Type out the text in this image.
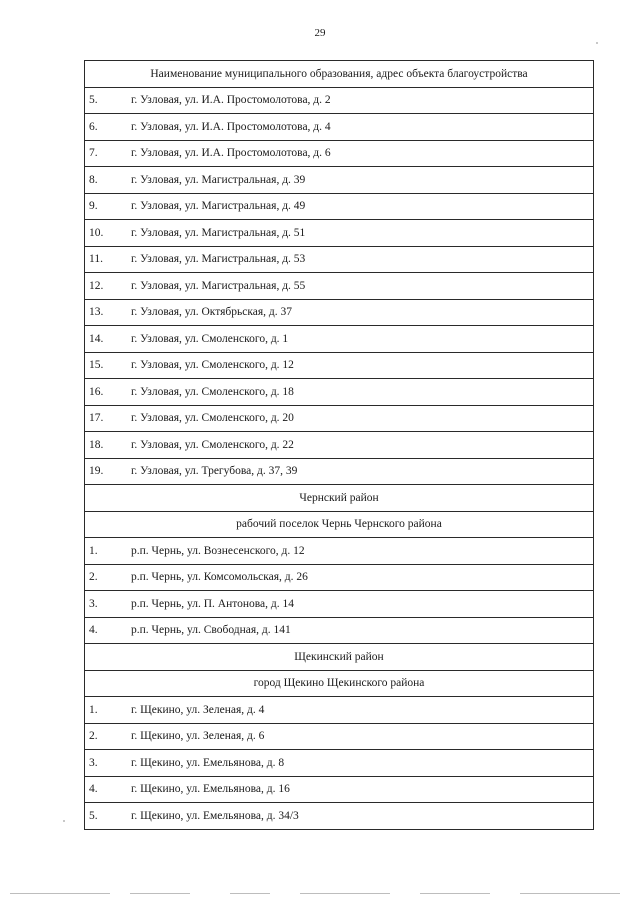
29
Наименование муниципального образования, адрес объекта благоустройства
5.	г. Узловая, ул. И.А. Простомолотова, д. 2
6.	г. Узловая, ул. И.А. Простомолотова, д. 4
7.	г. Узловая, ул. И.А. Простомолотова, д. 6
8.	г. Узловая, ул. Магистральная, д. 39
9.	г. Узловая, ул. Магистральная, д. 49
10. г. Узловая, ул. Магистральная, д. 51
11. г. Узловая, ул. Магистральная, д. 53
12. г. Узловая, ул. Магистральная, д. 55
13. г. Узловая, ул. Октябрьская, д. 37
14. г. Узловая, ул. Смоленского, д. 1
15. г. Узловая, ул. Смоленского, д. 12
16. г. Узловая, ул. Смоленского, д. 18
17. г. Узловая, ул. Смоленского, д. 20
18. г. Узловая, ул. Смоленского, д. 22
19. г. Узловая, ул. Трегубова, д. 37, 39
Чернский район
рабочий поселок Чернь Чернского района
1.	р.п. Чернь, ул. Вознесенского, д. 12
2.	р.п. Чернь, ул. Комсомольская, д. 26
3.	р.п. Чернь, ул. П. Антонова, д. 14
4.	р.п. Чернь, ул. Свободная, д. 141
Щекинский район
город Щекино Щекинского района
1.	г. Щекино, ул. Зеленая, д. 4
2.	г. Щекино, ул. Зеленая, д. 6
3.	г. Щекино, ул. Емельянова, д. 8
4.	г. Щекино, ул. Емельянова, д. 16
5.	г. Щекино, ул. Емельянова, д. 34/3
